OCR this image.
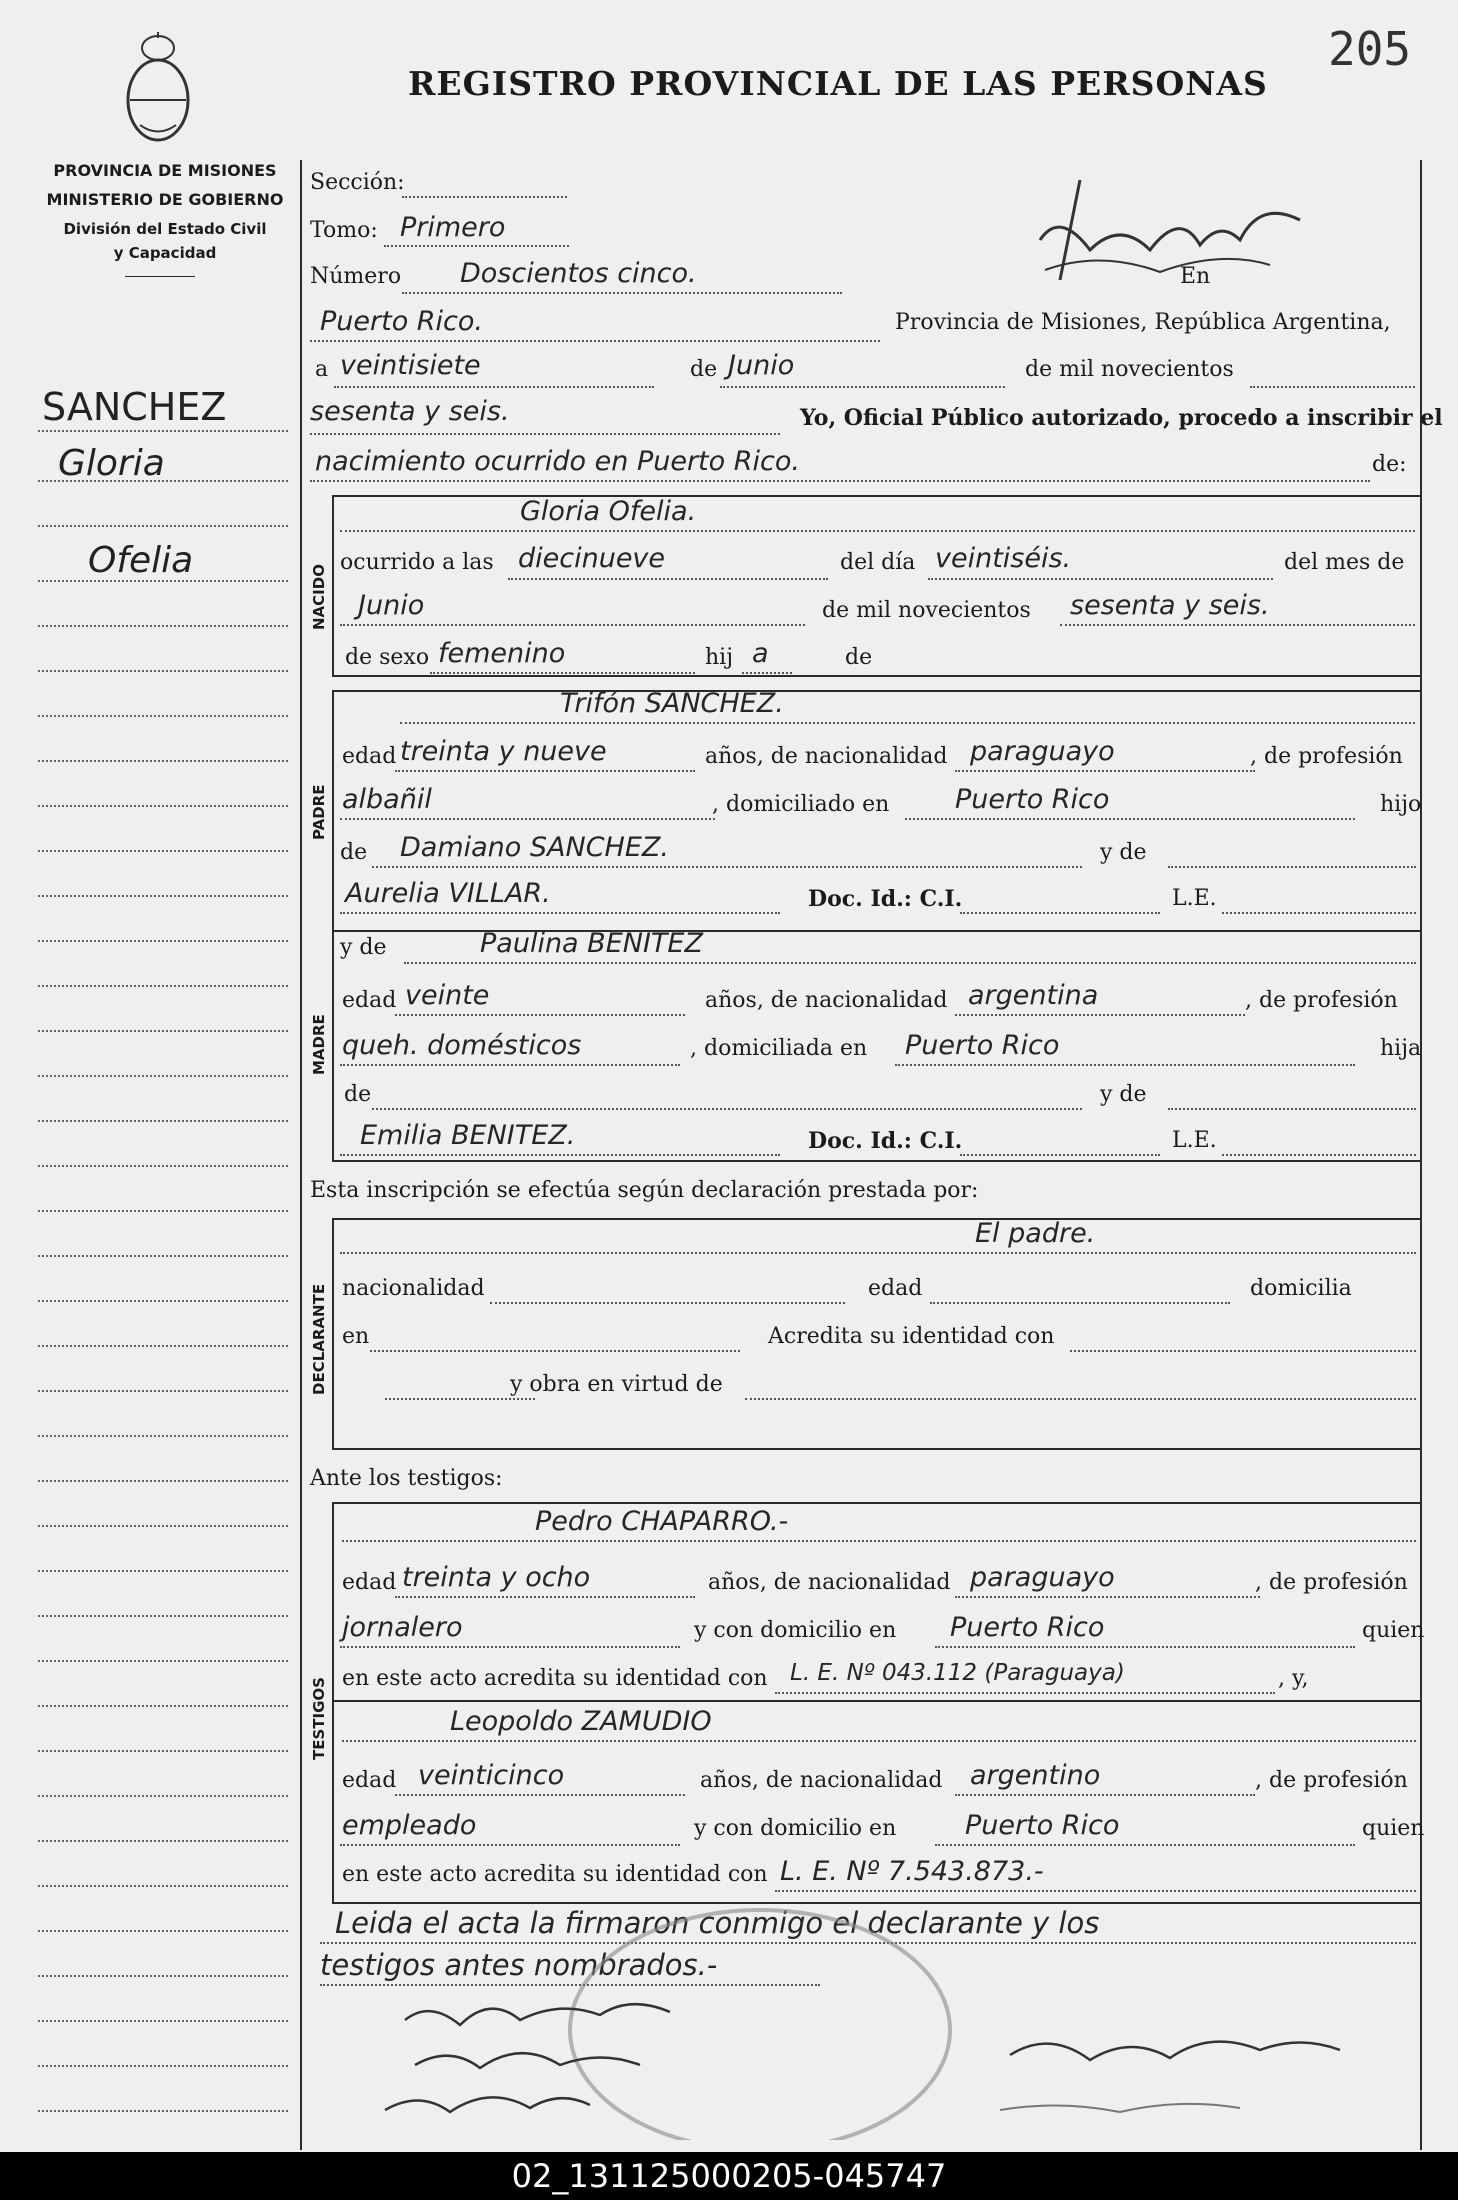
205
REGISTRO PROVINCIAL DE LAS PERSONAS
PROVINCIA DE MISIONES
MINISTERIO DE GOBIERNO
División del Estado Civil
y Capacidad
SANCHEZ
Gloria
Ofelia
NACIDO
PADRE
MADRE
DECLARANTE
TESTIGOS
Sección:
Tomo: Primero
Número Doscientos cinco.	En
Puerto Rico.	Provincia de Misiones, República Argentina,
a veintisiete	de Junio	de mil novecientos
sesenta y seis.	Yo, Oficial Público autorizado, procedo a inscribir el
nacimiento ocurrido en Puerto Rico.	de:
Gloria Ofelia.
ocurrido a las diecinueve	del día veintiséis.	del mes de
Junio	de mil novecientos sesenta y seis.
de sexo femenino	hij a	de
Trifón SANCHEZ.
edad treinta y nueve	años, de nacionalidad paraguayo	, de profesión
albañil	, domiciliado en Puerto Rico	hijo
de Damiano SANCHEZ.	y de
Aurelia VILLAR.	Doc. Id.: C.I.	L.E.
y de	Paulina BENITEZ
edad veinte	años, de nacionalidad argentina	, de profesión
queh. domésticos	, domiciliada en Puerto Rico	hija
de	y de
Emilia BENITEZ.	Doc. Id.: C.I.	L.E.
Esta inscripción se efectúa según declaración prestada por:
El padre.
nacionalidad	edad	domicilia
en	Acredita su identidad con
y obra en virtud de
Ante los testigos:
Pedro CHAPARRO.-
edad treinta y ocho	años, de nacionalidad paraguayo	, de profesión
jornalero	y con domicilio en Puerto Rico	quien
en este acto acredita su identidad con L. E. Nº 043.112 (Paraguaya)	, y,
Leopoldo ZAMUDIO
edad veinticinco	años, de nacionalidad argentino	, de profesión
empleado	y con domicilio en	Puerto Rico	quien
en este acto acredita su identidad con L. E. Nº 7.543.873.-
Leida el acta la firmaron conmigo el declarante y los
testigos antes nombrados.-
02_131125000205-045747
